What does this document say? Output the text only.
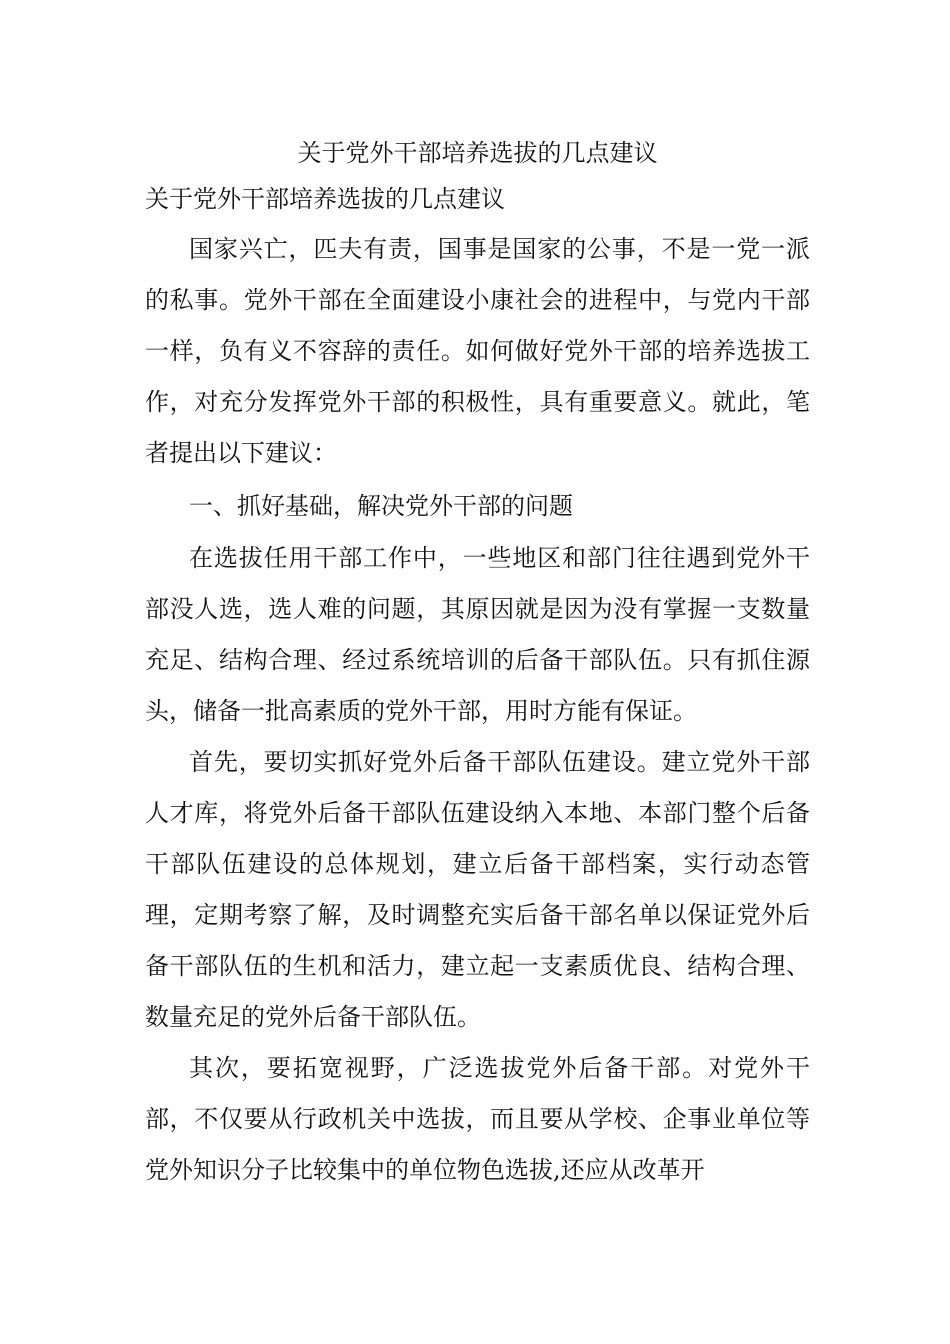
关于党外干部培养选拔的几点建议
关于党外干部培养选拔的几点建议

国家兴亡，匹夫有责，国事是国家的公事，不是一党一派的私事。党外干部在全面建设小康社会的进程中，与党内干部一样，负有义不容辞的责任。如何做好党外干部的培养选拔工作，对充分发挥党外干部的积极性，具有重要意义。就此，笔者提出以下建议：

一、抓好基础，解决党外干部的问题

在选拔任用干部工作中，一些地区和部门往往遇到党外干部没人选，选人难的问题，其原因就是因为没有掌握一支数量充足、结构合理、经过系统培训的后备干部队伍。只有抓住源头，储备一批高素质的党外干部，用时方能有保证。

首先，要切实抓好党外后备干部队伍建设。建立党外干部人才库，将党外后备干部队伍建设纳入本地、本部门整个后备干部队伍建设的总体规划，建立后备干部档案，实行动态管理，定期考察了解，及时调整充实后备干部名单以保证党外后备干部队伍的生机和活力，建立起一支素质优良、结构合理、数量充足的党外后备干部队伍。

其次，要拓宽视野，广泛选拔党外后备干部。对党外干部，不仅要从行政机关中选拔，而且要从学校、企事业单位等党外知识分子比较集中的单位物色选拔,还应从改革开
